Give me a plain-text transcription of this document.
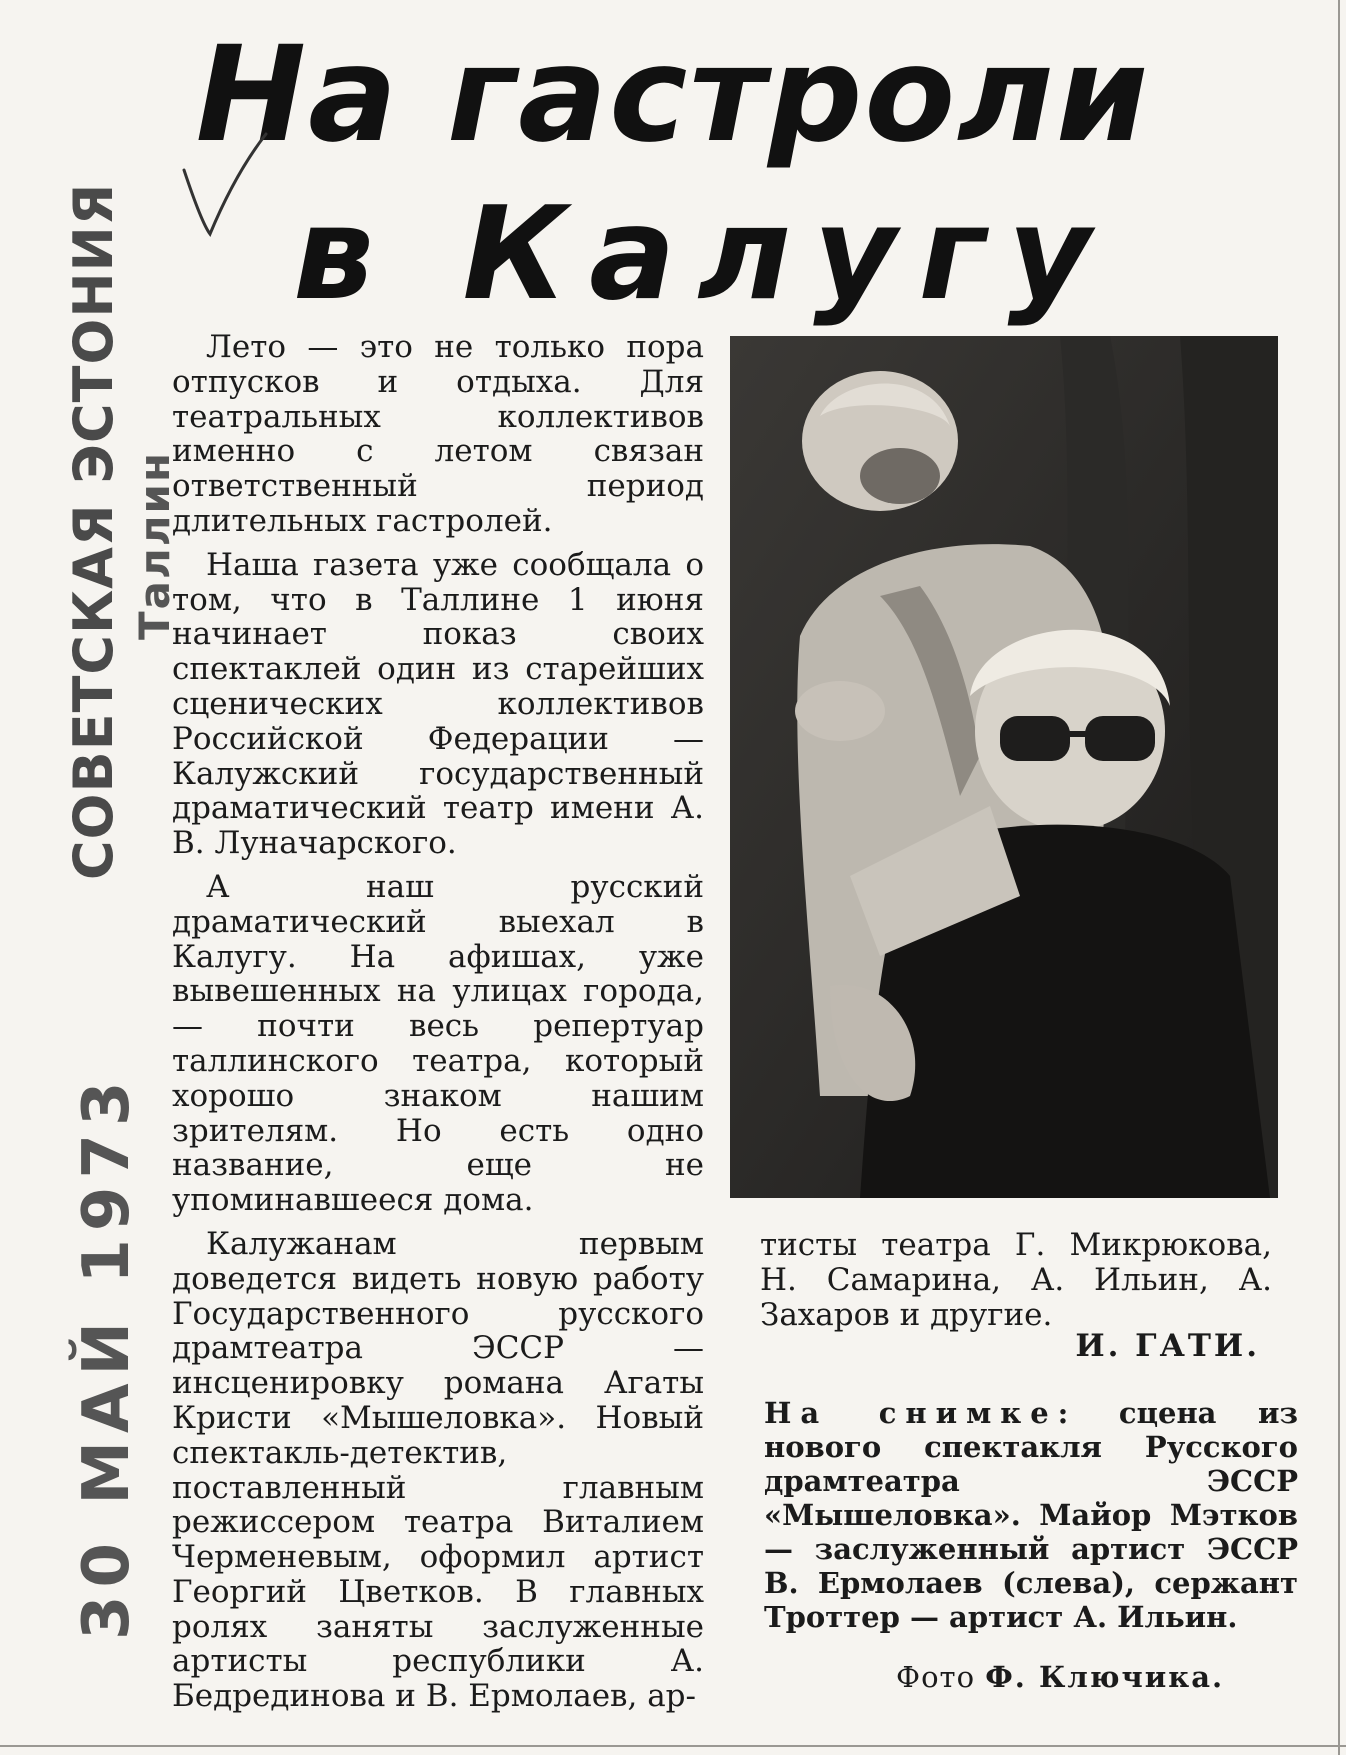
На гастроли
в Калугу
СОВЕТСКАЯ ЭСТОНИЯ Таллин
30 МАЙ 1973

Лето — это не только пора отпусков и отдыха. Для театральных коллективов именно с летом связан ответственный период длительных гастролей.

Наша газета уже сообщала о том, что в Таллине 1 июня начинает показ своих спектаклей один из старейших сценических коллективов Российской Федерации — Калужский государственный драматический театр имени А. В. Луначарского.

А наш русский драматический выехал в Калугу. На афишах, уже вывешенных на улицах города, — почти весь репертуар таллинского театра, который хорошо знаком нашим зрителям. Но есть одно название, еще не упоминавшееся дома.

Калужанам первым доведется видеть новую работу Государственного русского драмтеатра ЭССР — инсценировку романа Агаты Кристи «Мышеловка». Новый спектакль-детектив, поставленный главным режиссером театра Виталием Черменевым, оформил артист Георгий Цветков. В главных ролях заняты заслуженные артисты республики А. Бедрединова и В. Ермолаев, ар-

тисты театра Г. Микрюкова, Н. Самарина, А. Ильин, А. Захаров и другие.

И. ГАТИ.

На снимке: сцена из нового спектакля Русского драмтеатра ЭССР «Мышеловка». Майор Мэтков — заслуженный артист ЭССР В. Ермолаев (слева), сержант Троттер — артист А. Ильин.

Фото Ф. Ключика.
